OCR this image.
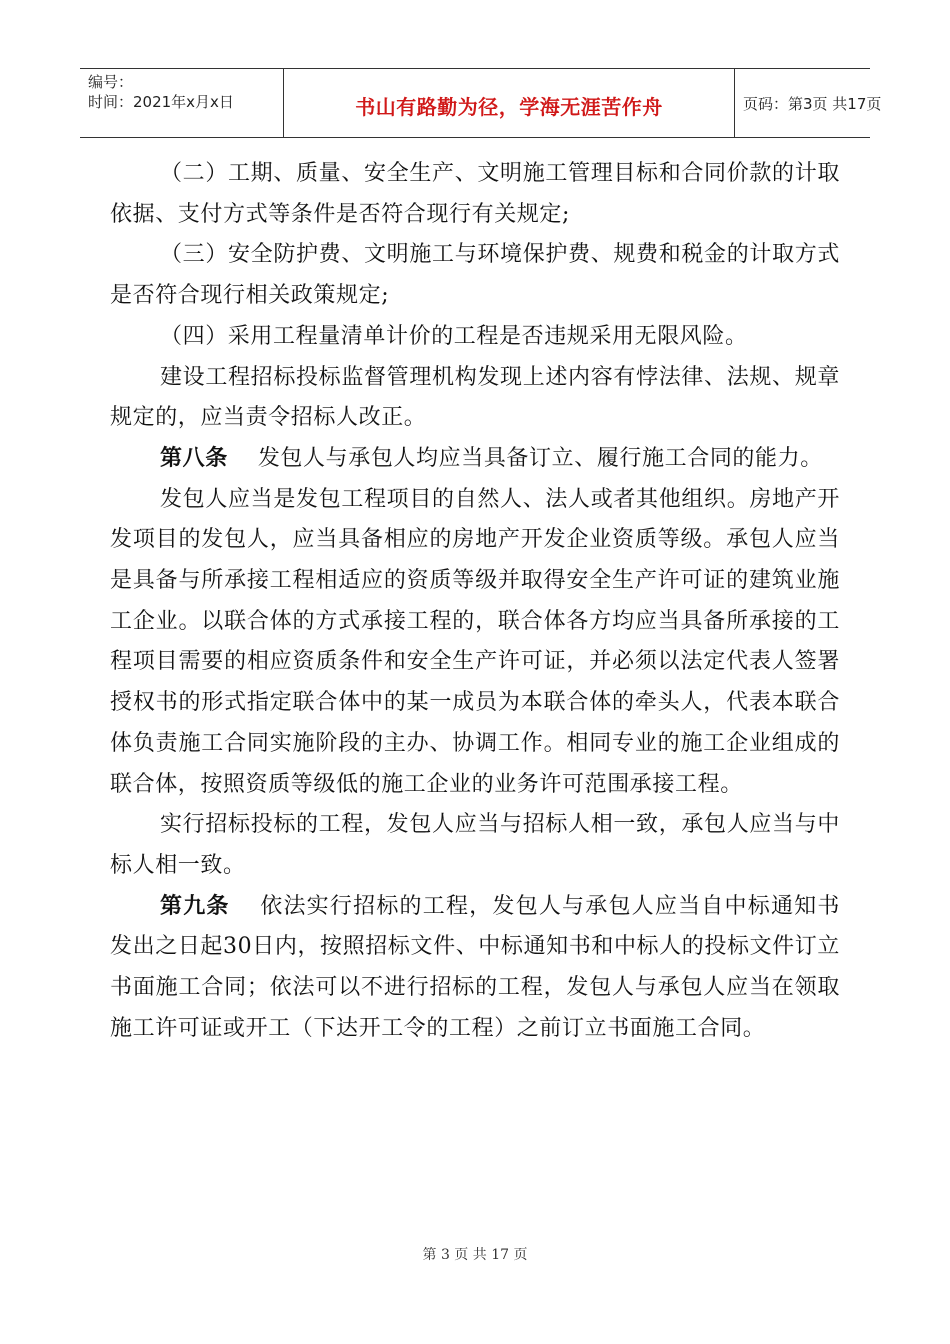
编号：
时间：2021年x月x日	书山有路勤为径，学海无涯苦作舟	页码：第3页 共17页

（二）工期、质量、安全生产、文明施工管理目标和合同价款的计取依据、支付方式等条件是否符合现行有关规定;

（三）安全防护费、文明施工与环境保护费、规费和税金的计取方式是否符合现行相关政策规定;

（四）采用工程量清单计价的工程是否违规采用无限风险。

建设工程招标投标监督管理机构发现上述内容有悖法律、法规、规章规定的，应当责令招标人改正。

第八条 发包人与承包人均应当具备订立、履行施工合同的能力。

发包人应当是发包工程项目的自然人、法人或者其他组织。房地产开发项目的发包人，应当具备相应的房地产开发企业资质等级。承包人应当是具备与所承接工程相适应的资质等级并取得安全生产许可证的建筑业施工企业。以联合体的方式承接工程的，联合体各方均应当具备所承接的工程项目需要的相应资质条件和安全生产许可证，并必须以法定代表人签署授权书的形式指定联合体中的某一成员为本联合体的牵头人，代表本联合体负责施工合同实施阶段的主办、协调工作。相同专业的施工企业组成的联合体，按照资质等级低的施工企业的业务许可范围承接工程。

实行招标投标的工程，发包人应当与招标人相一致，承包人应当与中标人相一致。

第九条 依法实行招标的工程，发包人与承包人应当自中标通知书发出之日起30日内，按照招标文件、中标通知书和中标人的投标文件订立书面施工合同；依法可以不进行招标的工程，发包人与承包人应当在领取施工许可证或开工（下达开工令的工程）之前订立书面施工合同。

第 3 页 共 17 页
